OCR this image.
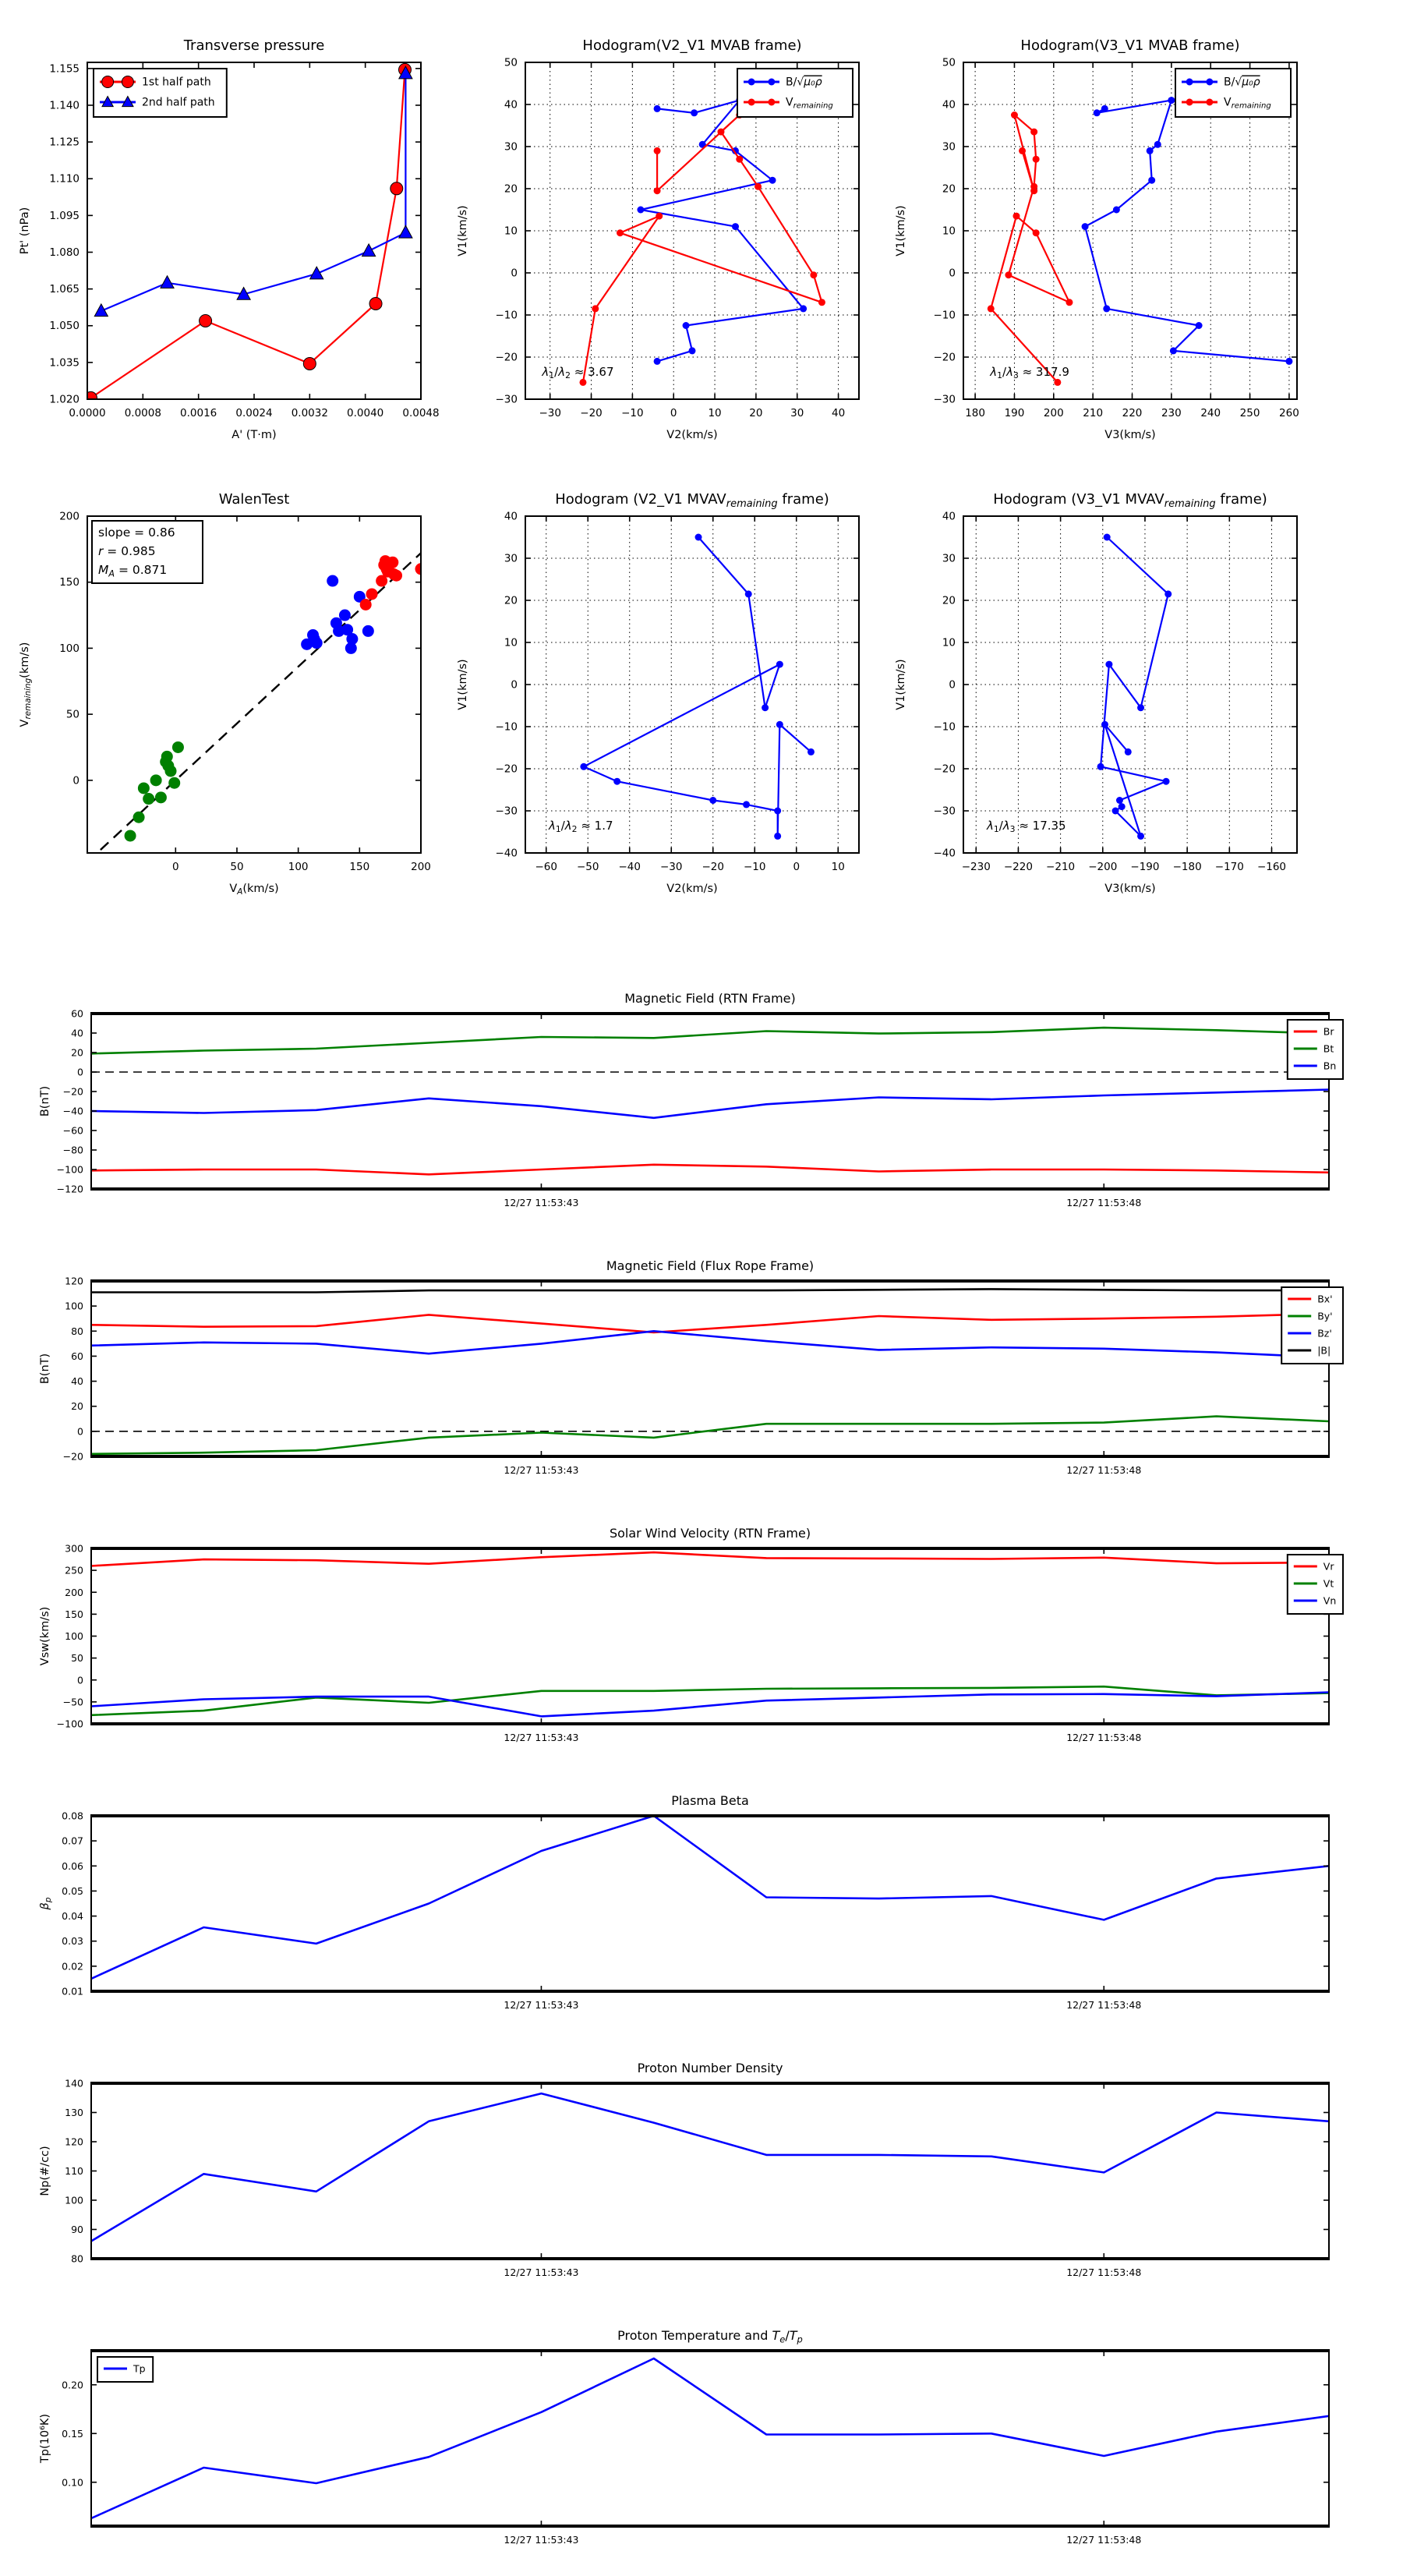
0.0000 0.0008 0.0016 0.0024 0.0032 0.0040 0.0048
1.020
1.035
1.050
1.065
1.080
1.095
1.110
1.125
1.140
1.155
Transverse pressure
A' (T·m)
Pt' (nPa)
1st half path
2nd half path
−30 −20 −10	0	10	20	30	40
−30
−20
−10
0
10
20
30
40
50
Hodogram(V2_V1 MVAB frame)
V2(km/s)
V1(km/s)
B/√μ₀ρ
$V_{remaining}$
$\lambda_1/\lambda_2 \approx 3.67$
180 190 200 210 220 230 240 250 260
−30
−20
−10
0
10
20
30
40
50
Hodogram(V3_V1 MVAB frame)
V3(km/s)
V1(km/s)
B/√μ₀ρ
$V_{remaining}$
$\lambda_1/\lambda_3 \approx 317.9$
0	50	100	150	200
0
50
100
150
200
WalenTest
$V_A(km/s)$
$V_{remaining}(km/s)$
slope = 0.86
r = 0.985
$M_A = 0.871$
−60 −50 −40 −30 −20 −10	0	10
−40
−30
−20
−10
0
10
20
30
40
Hodogram (V2_V1 $MVAV_{remaining}$ frame)
V2(km/s)
V1(km/s)
$\lambda_1/\lambda_2 \approx 1.7$
−230 −220 −210 −200 −190 −180 −170 −160
−40
−30
−20
−10
0
10
20
30
40
Hodogram (V3_V1 $MVAV_{remaining}$ frame)
V3(km/s)
V1(km/s)
$\lambda_1/\lambda_3 \approx 17.35$
12/27 11:53:43	12/27 11:53:48
−120
−100
−80
−60
−40
−20
0
20
40
60
Magnetic Field (RTN Frame)
B(nT)
Br
Bt
Bn
12/27 11:53:43	12/27 11:53:48
−20
0
20
40
60
80
100
120
Magnetic Field (Flux Rope Frame)
B(nT)
Bx'
By'
Bz'
|B|
12/27 11:53:43	12/27 11:53:48
−100
−50
0
50
100
150
200
250
300
Solar Wind Velocity (RTN Frame)
Vsw(km/s)
Vr
Vt
Vn
12/27 11:53:43	12/27 11:53:48
0.01
0.02
0.03
0.04
0.05
0.06
0.07
0.08
Plasma Beta
$\beta_p$
12/27 11:53:43	12/27 11:53:48
80
90
100
110
120
130
140
Proton Number Density
Np(#/cc)
12/27 11:53:43	12/27 11:53:48
0.10
0.15
0.20
Proton Temperature and $T_e/T_p$
Tp(10⁶K)
Tp
